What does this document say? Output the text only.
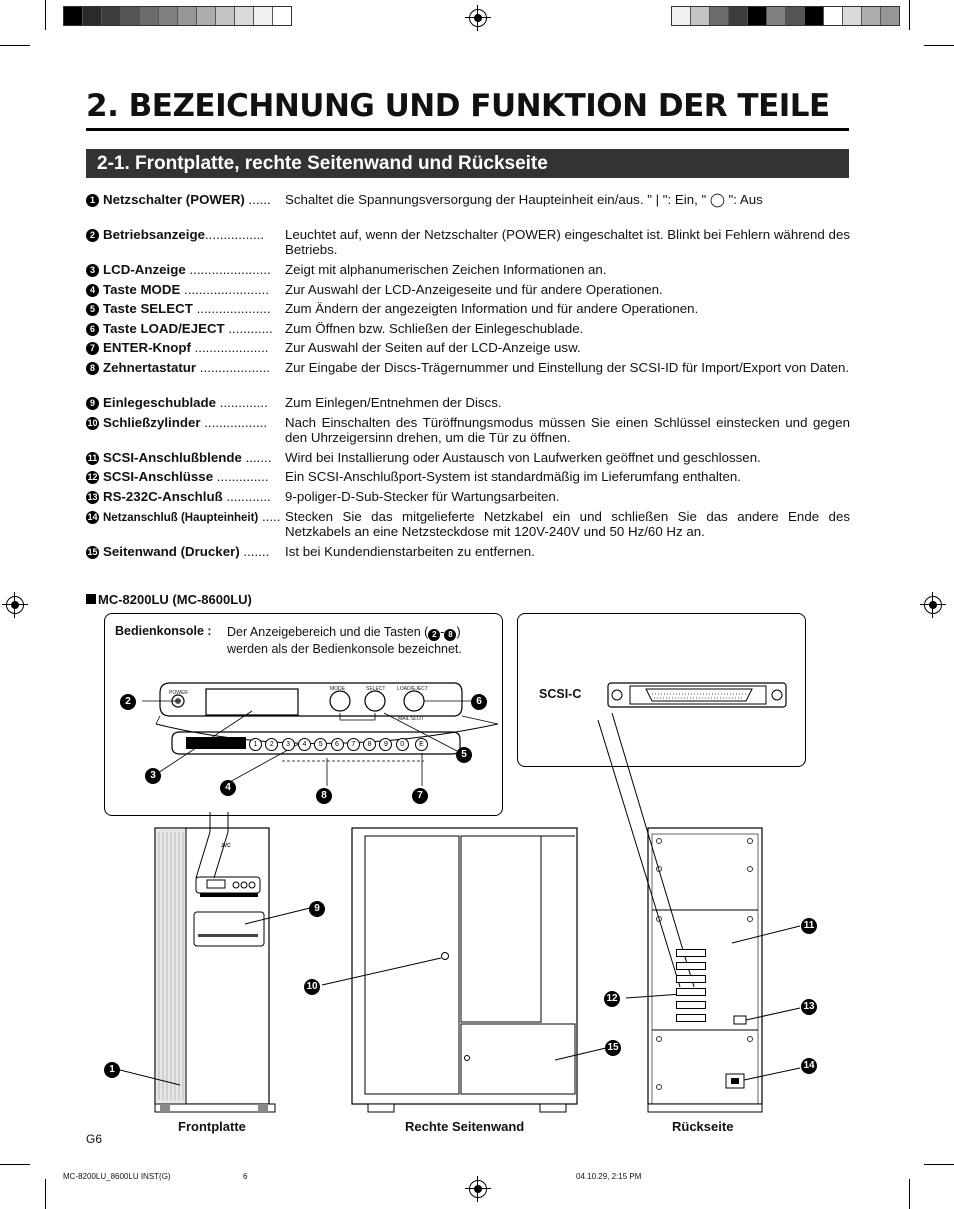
2. BEZEICHNUNG UND FUNKTION DER TEILE
2-1. Frontplatte, rechte Seitenwand und Rückseite
1 Netzschalter (POWER) ......	Schaltet die Spannungsversorgung der Haupteinheit ein/aus. " | ": Ein, " ◯ ": Aus
2 Betriebsanzeige................	Leuchtet auf, wenn der Netzschalter (POWER) eingeschaltet ist. Blinkt bei Fehlern während des Betriebs.
3 LCD-Anzeige ......................	Zeigt mit alphanumerischen Zeichen Informationen an.
4 Taste MODE .......................	Zur Auswahl der LCD-Anzeigeseite und für andere Operationen.
5 Taste SELECT ....................	Zum Ändern der angezeigten Information und für andere Operationen.
6 Taste LOAD/EJECT ............ Zum Öffnen bzw. Schließen der Einlegeschublade.
7 ENTER-Knopf ....................	Zur Auswahl der Seiten auf der LCD-Anzeige usw.
8 Zehnertastatur ...................	Zur Eingabe der Discs-Trägernummer und Einstellung der SCSI-ID für Import/Export von Daten.
9 Einlegeschublade .............	Zum Einlegen/Entnehmen der Discs.
10 Schließzylinder .................	Nach Einschalten des Türöffnungsmodus müssen Sie einen Schlüssel einstecken und gegen den Uhrzeigersinn drehen, um die Tür zu öffnen.
11 SCSI-Anschlußblende .......	Wird bei Installierung oder Austausch von Laufwerken geöffnet und geschlossen.
12 SCSI-Anschlüsse ..............	Ein SCSI-Anschlußport-System ist standardmäßig im Lieferumfang enthalten.
13 RS-232C-Anschluß ............	9-poliger-D-Sub-Stecker für Wartungsarbeiten.
14 Netzanschluß (Haupteinheit) ..... Stecken Sie das mitgelieferte Netzkabel ein und schließen Sie das andere Ende des Netzkabels an eine Netzsteckdose mit 120V-240V und 50 Hz/60 Hz an.
15 Seitenwand (Drucker) .......	Ist bei Kundendienstarbeiten zu entfernen.
MC-8200LU (MC-8600LU)
Bedienkonsole : Der Anzeigebereich und die Tasten ( 2 - 8 )
werden als der Bedienkonsole bezeichnet.
SCSI-C
POWER
MODE	SELECT LOAD/EJECT
MAIL SLOT
1	2	3	4	5	6	7	8	9	0	E
2	6
5
3
4
8	7
JVC
9
10
1
11
12
13
15
14
Frontplatte	Rechte Seitenwand	Rückseite
G6
MC-8200LU_8600LU INST(G)	6	04.10.29, 2:15 PM
